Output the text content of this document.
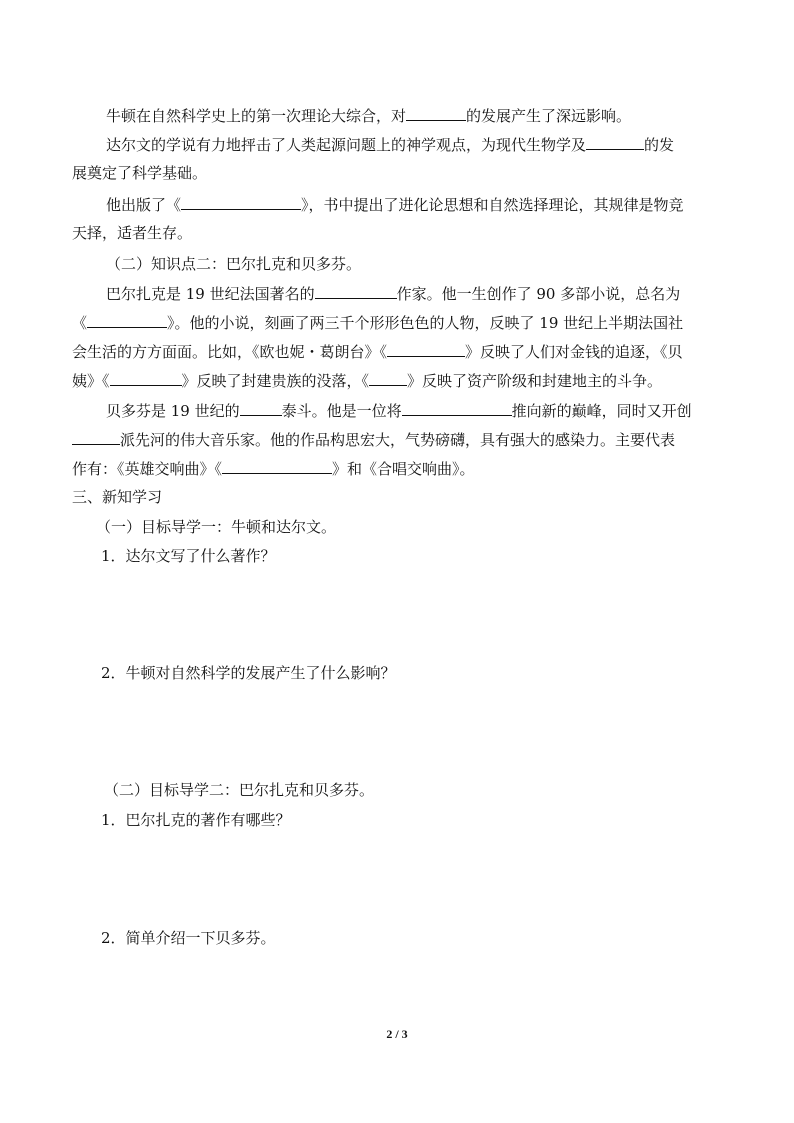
牛顿在自然科学史上的第一次理论大综合，对	的发展产生了深远影响。
达尔文的学说有力地抨击了人类起源问题上的神学观点，为现代生物学及	的发
展奠定了科学基础。
他出版了《	》，书中提出了进化论思想和自然选择理论，其规律是物竞
天择，适者生存。
（二）知识点二：巴尔扎克和贝多芬。
巴尔扎克是 19 世纪法国著名的	作家。他一生创作了 90 多部小说，总名为
《	》。他的小说，刻画了两三千个形形色色的人物，反映了 19 世纪上半期法国社
会生活的方方面面。比如，《欧也妮・葛朗台》《	》反映了人们对金钱的追逐，《贝
姨》《	》反映了封建贵族的没落，《	》反映了资产阶级和封建地主的斗争。
贝多芬是 19 世纪的	泰斗。他是一位将	推向新的巅峰，同时又开创
派先河的伟大音乐家。他的作品构思宏大，气势磅礴，具有强大的感染力。主要代表
作有：《英雄交响曲》《	》和《合唱交响曲》。
三、新知学习
（一）目标导学一：牛顿和达尔文。
1．达尔文写了什么著作？
2．牛顿对自然科学的发展产生了什么影响？
（二）目标导学二：巴尔扎克和贝多芬。
1．巴尔扎克的著作有哪些？
2．简单介绍一下贝多芬。
2 / 3
